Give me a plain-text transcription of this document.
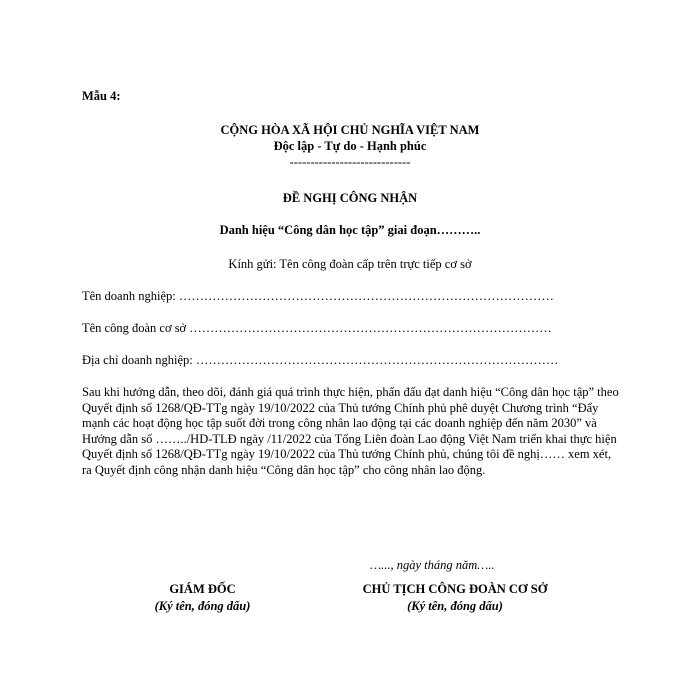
Mẫu 4:
CỘNG HÒA XÃ HỘI CHỦ NGHĨA VIỆT NAM
Độc lập - Tự do - Hạnh phúc
-----------------------------
ĐỀ NGHỊ CÔNG NHẬN
Danh hiệu “Công dân học tập” giai đoạn………..
Kính gửi: Tên công đoàn cấp trên trực tiếp cơ sở
Tên doanh nghiệp: ………………………………………………………………………………
Tên công đoàn cơ sở ……………………………………………………………………………
Địa chỉ doanh nghiệp: ……………………………………………………………………………
Sau khi hướng dẫn, theo dõi, đánh giá quá trình thực hiện, phấn đấu đạt danh hiệu “Công dân học tập” theo Quyết định số 1268/QĐ-TTg ngày 19/10/2022 của Thủ tướng Chính phủ phê duyệt Chương trình “Đẩy mạnh các hoạt động học tập suốt đời trong công nhân lao động tại các doanh nghiệp đến năm 2030” và Hướng dẫn số ……../HD-TLĐ ngày /11/2022 của Tổng Liên đoàn Lao động Việt Nam triển khai thực hiện Quyết định số 1268/QĐ-TTg ngày 19/10/2022 của Thủ tướng Chính phủ, chúng tôi đề nghị…… xem xét, ra Quyết định công nhận danh hiệu “Công dân học tập” cho công nhân lao động.
…..., ngày tháng năm…..
GIÁM ĐỐC
(Ký tên, đóng dấu)
CHỦ TỊCH CÔNG ĐOÀN CƠ SỞ
(Ký tên, đóng dấu)
